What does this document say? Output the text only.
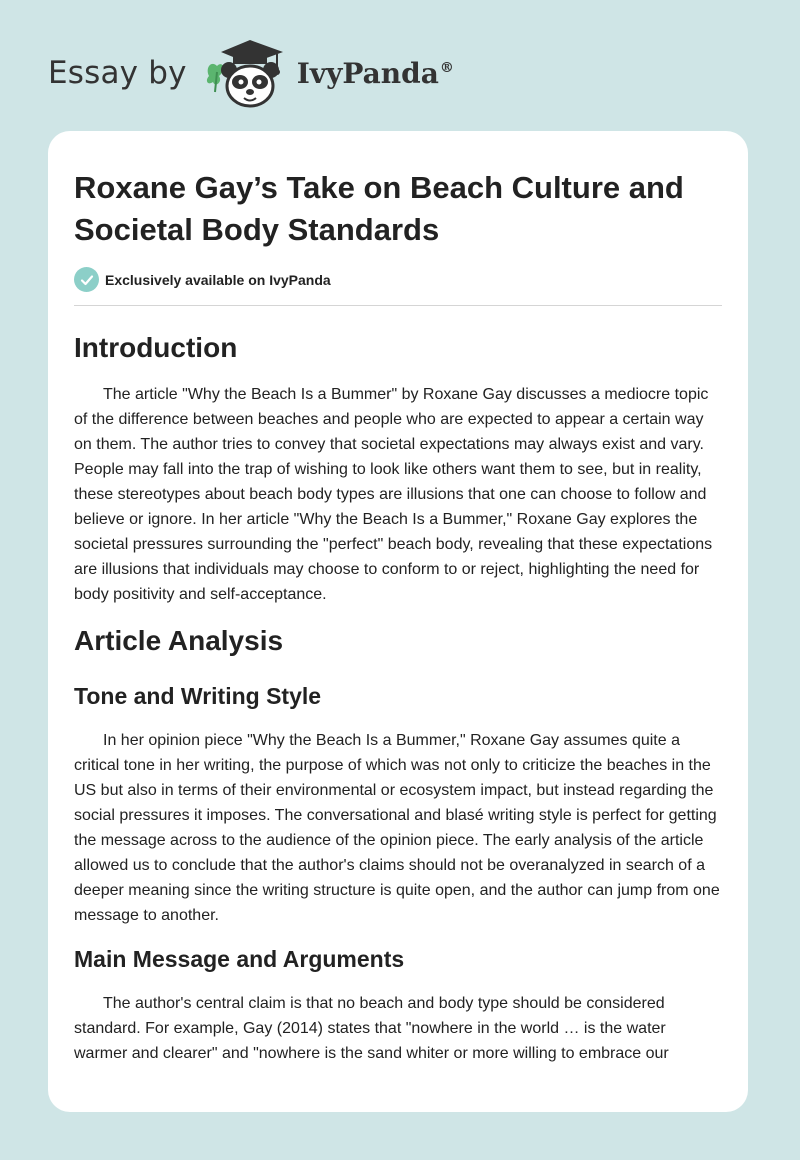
Essay by	IvyPanda®
Roxane Gay’s Take on Beach Culture and Societal Body Standards
Exclusively available on IvyPanda
Introduction

The article "Why the Beach Is a Bummer" by Roxane Gay discusses a mediocre topic of the difference between beaches and people who are expected to appear a certain way on them. The author tries to convey that societal expectations may always exist and vary. People may fall into the trap of wishing to look like others want them to see, but in reality, these stereotypes about beach body types are illusions that one can choose to follow and believe or ignore. In her article "Why the Beach Is a Bummer," Roxane Gay explores the societal pressures surrounding the "perfect" beach body, revealing that these expectations are illusions that individuals may choose to conform to or reject, highlighting the need for body positivity and self-acceptance.

Article Analysis
Tone and Writing Style

In her opinion piece "Why the Beach Is a Bummer," Roxane Gay assumes quite a critical tone in her writing, the purpose of which was not only to criticize the beaches in the US but also in terms of their environmental or ecosystem impact, but instead regarding the social pressures it imposes. The conversational and blasé writing style is perfect for getting the message across to the audience of the opinion piece. The early analysis of the article allowed us to conclude that the author's claims should not be overanalyzed in search of a deeper meaning since the writing structure is quite open, and the author can jump from one message to another.

Main Message and Arguments

The author's central claim is that no beach and body type should be considered standard. For example, Gay (2014) states that "nowhere in the world … is the water warmer and clearer" and "nowhere is the sand whiter or more willing to embrace our
